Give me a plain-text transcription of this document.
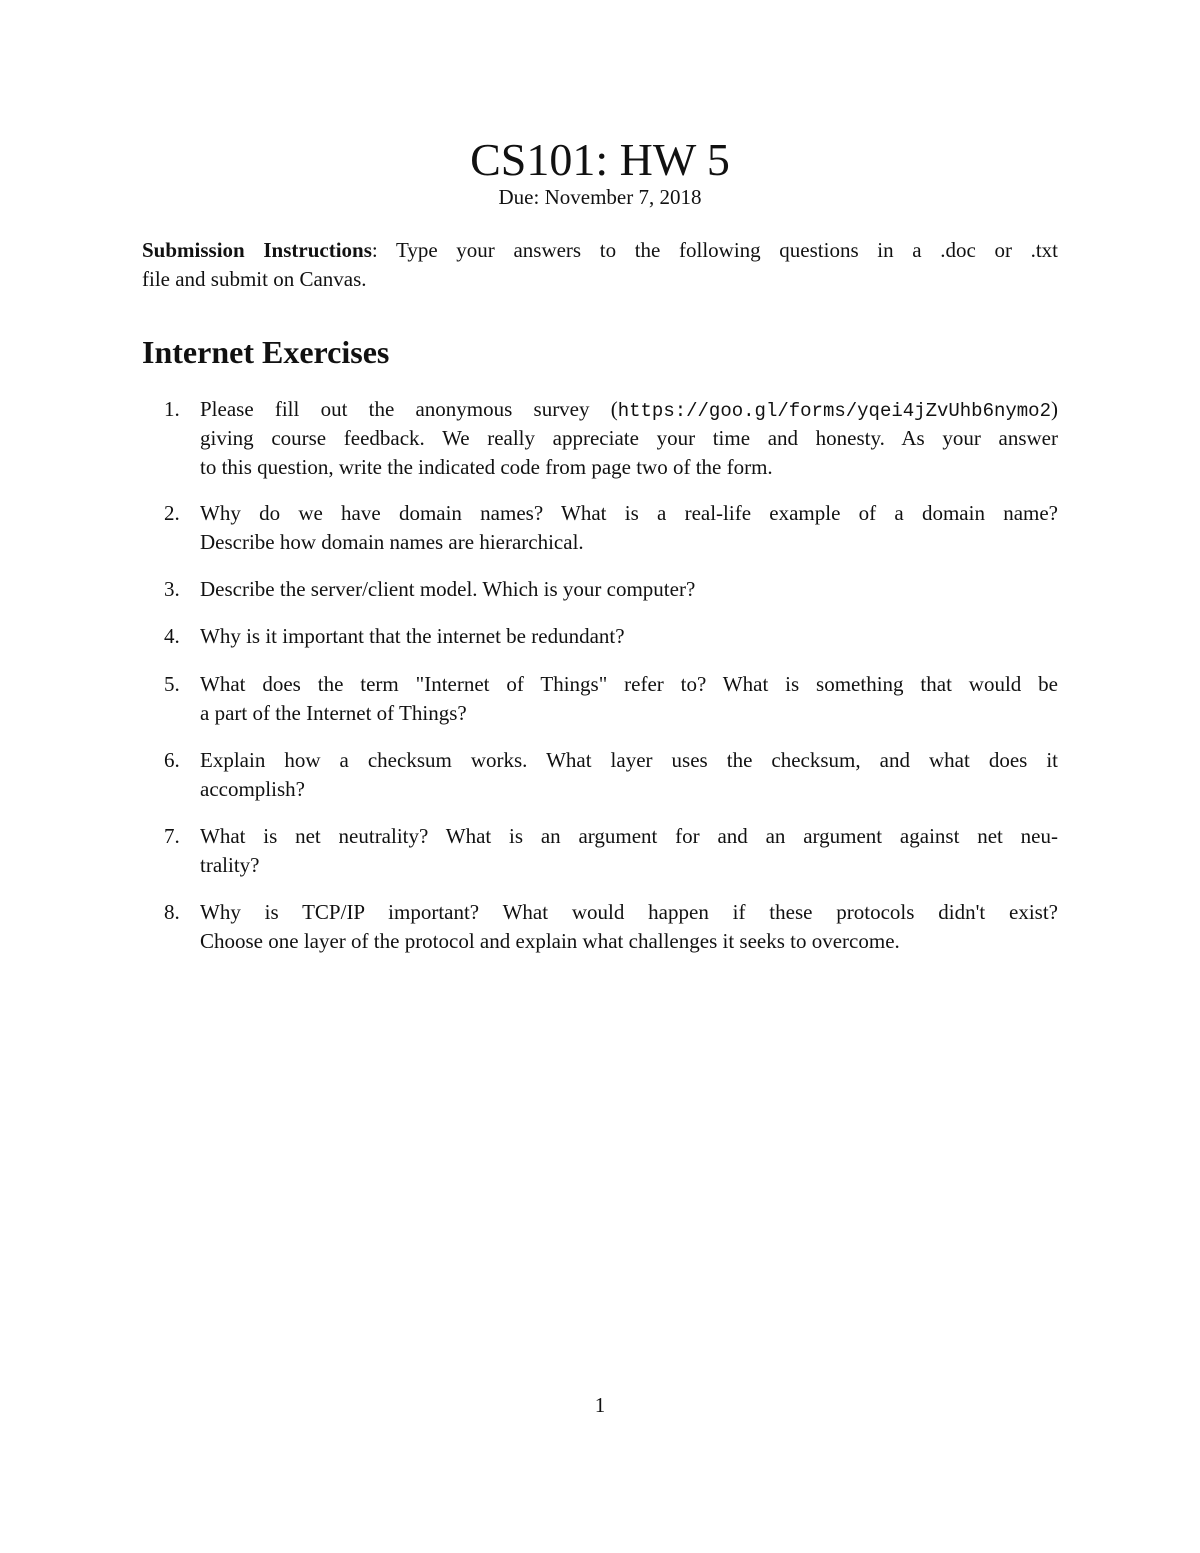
CS101: HW 5
Due: November 7, 2018
Submission Instructions: Type your answers to the following questions in a .doc or .txt
file and submit on Canvas.
Internet Exercises
1. Please fill out the anonymous survey (https://goo.gl/forms/yqei4jZvUhb6nymo2)
giving course feedback. We really appreciate your time and honesty. As your answer
to this question, write the indicated code from page two of the form.
2. Why do we have domain names? What is a real-life example of a domain name?
Describe how domain names are hierarchical.
3. Describe the server/client model. Which is your computer?
4. Why is it important that the internet be redundant?
5. What does the term "Internet of Things" refer to? What is something that would be
a part of the Internet of Things?
6. Explain how a checksum works. What layer uses the checksum, and what does it
accomplish?
7. What is net neutrality? What is an argument for and an argument against net neu-
trality?
8. Why is TCP/IP important? What would happen if these protocols didn't exist?
Choose one layer of the protocol and explain what challenges it seeks to overcome.
1
